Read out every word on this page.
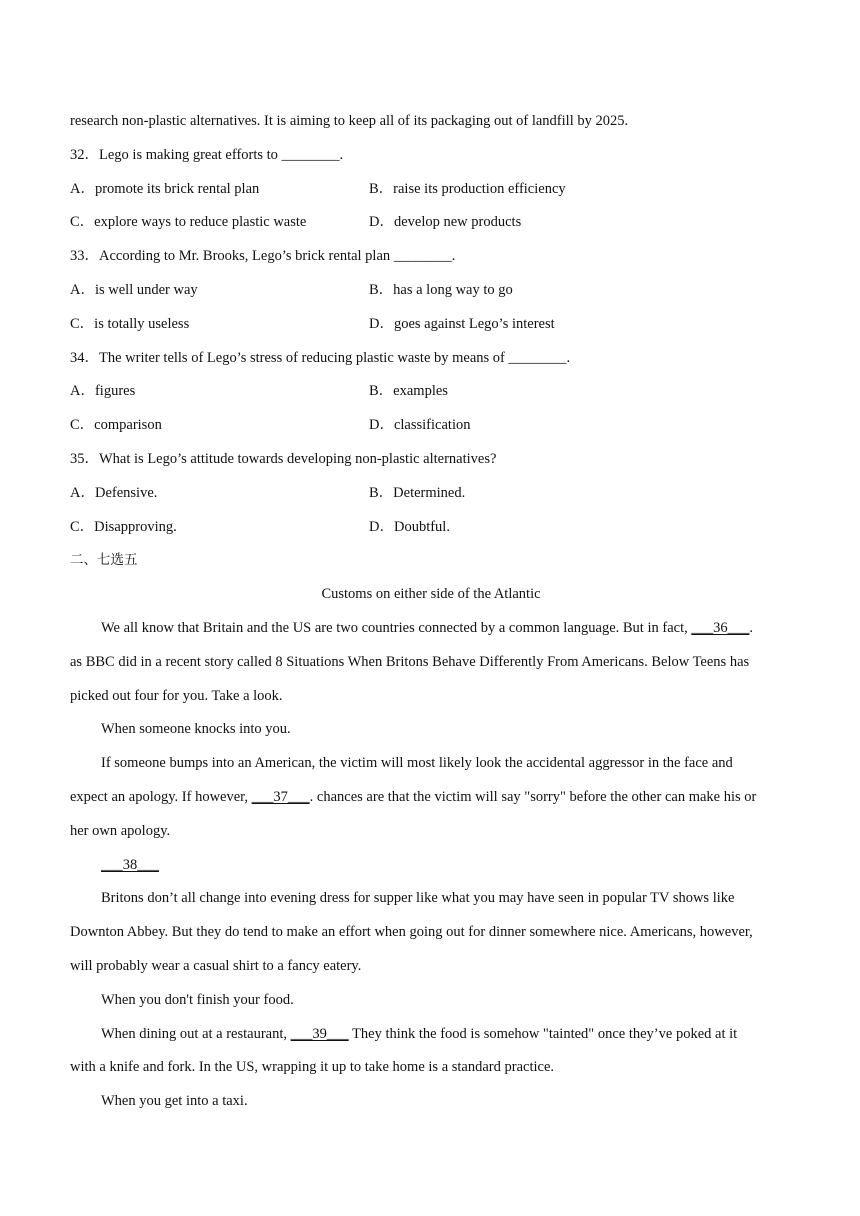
research non-plastic alternatives. It is aiming to keep all of its packaging out of landfill by 2025.
32．Lego is making great efforts to ________.
A．promote its brick rental plan	B．raise its production efficiency
C．explore ways to reduce plastic waste	D．develop new products
33．According to Mr. Brooks, Lego’s brick rental plan ________.
A．is well under way	B．has a long way to go
C．is totally useless	D．goes against Lego’s interest
34．The writer tells of Lego’s stress of reducing plastic waste by means of ________.
A．figures	B．examples
C．comparison	D．classification
35．What is Lego’s attitude towards developing non-plastic alternatives?
A．Defensive.	B．Determined.
C．Disapproving.	D．Doubtful.
二、七选五
Customs on either side of the Atlantic
We all know that Britain and the US are two countries connected by a common language. But in fact, ___36___.
as BBC did in a recent story called 8 Situations When Britons Behave Differently From Americans. Below Teens has
picked out four for you. Take a look.
When someone knocks into you.
If someone bumps into an American, the victim will most likely look the accidental aggressor in the face and
expect an apology. If however, ___37___. chances are that the victim will say "sorry" before the other can make his or
her own apology.
___38___
Britons don’t all change into evening dress for supper like what you may have seen in popular TV shows like
Downton Abbey. But they do tend to make an effort when going out for dinner somewhere nice. Americans, however,
will probably wear a casual shirt to a fancy eatery.
When you don't finish your food.
When dining out at a restaurant, ___39___ They think the food is somehow "tainted" once they’ve poked at it
with a knife and fork. In the US, wrapping it up to take home is a standard practice.
When you get into a taxi.
